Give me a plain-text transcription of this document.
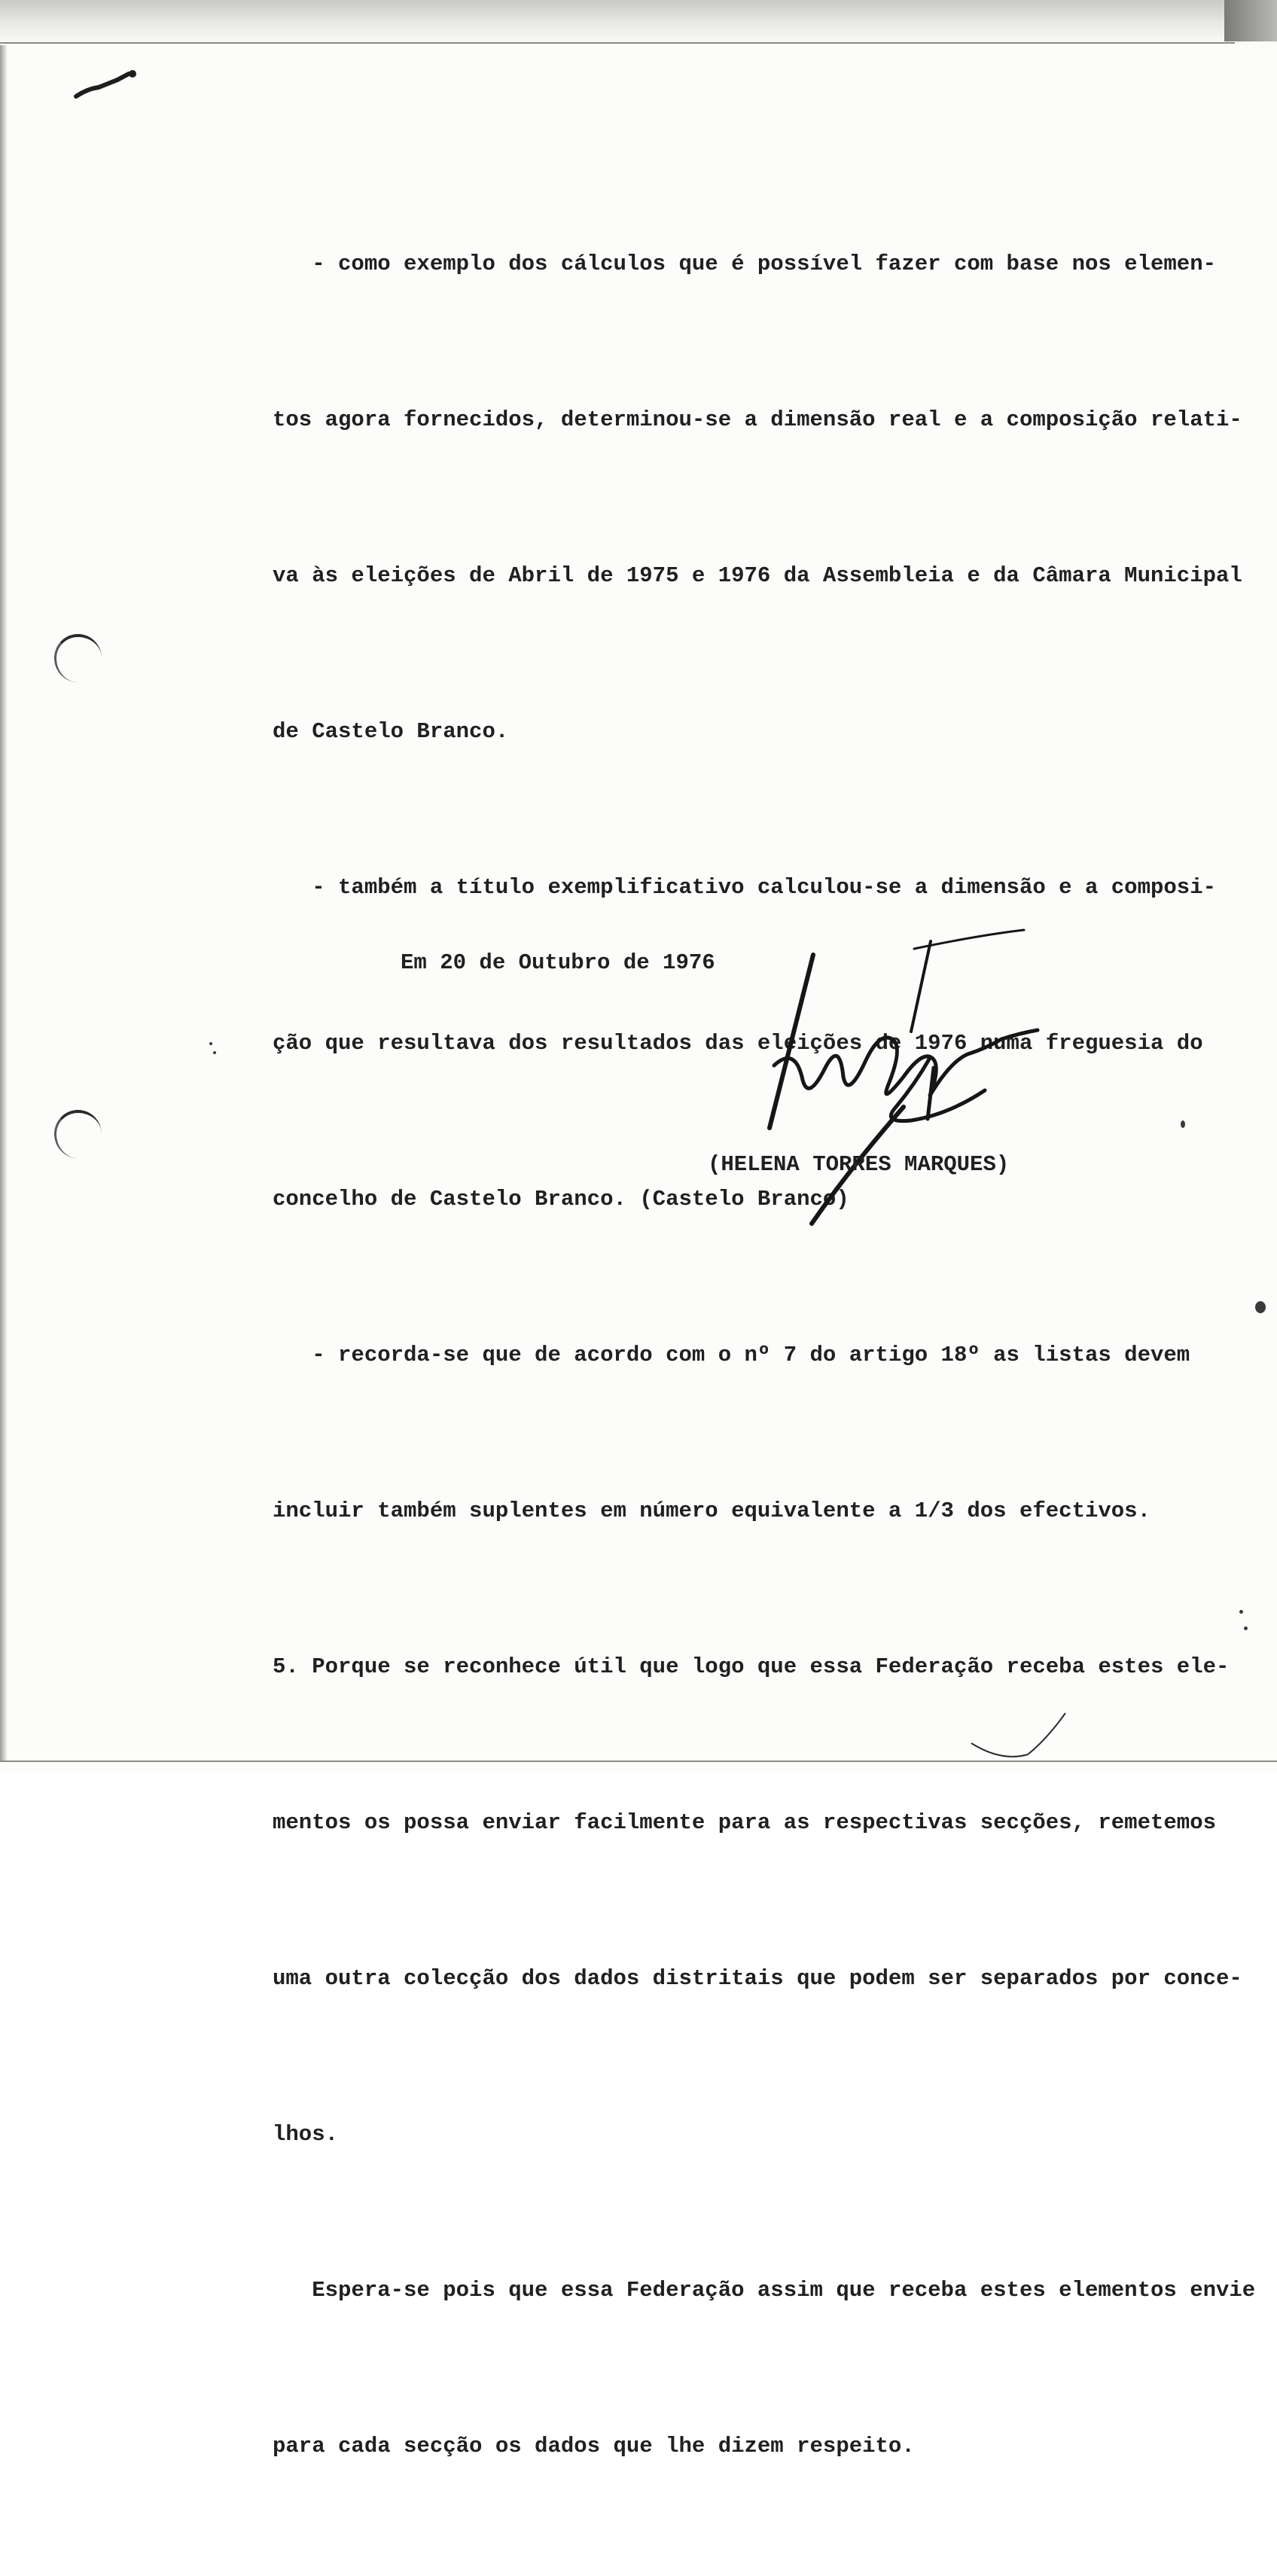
- como exemplo dos cálculos que é possível fazer com base nos elemen-

tos agora fornecidos, determinou-se a dimensão real e a composição relati-

va às eleições de Abril de 1975 e 1976 da Assembleia e da Câmara Municipal

de Castelo Branco.

- também a título exemplificativo calculou-se a dimensão e a composi-

ção que resultava dos resultados das eleições de 1976 numa freguesia do

concelho de Castelo Branco. (Castelo Branco)

- recorda-se que de acordo com o nº 7 do artigo 18º as listas devem

incluir também suplentes em número equivalente a 1/3 dos efectivos.

5. Porque se reconhece útil que logo que essa Federação receba estes ele-

mentos os possa enviar facilmente para as respectivas secções, remetemos

uma outra colecção dos dados distritais que podem ser separados por conce-

lhos.

Espera-se pois que essa Federação assim que receba estes elementos envie

para cada secção os dados que lhe dizem respeito.

Em 20 de Outubro de 1976
(HELENA TORRES MARQUES)
